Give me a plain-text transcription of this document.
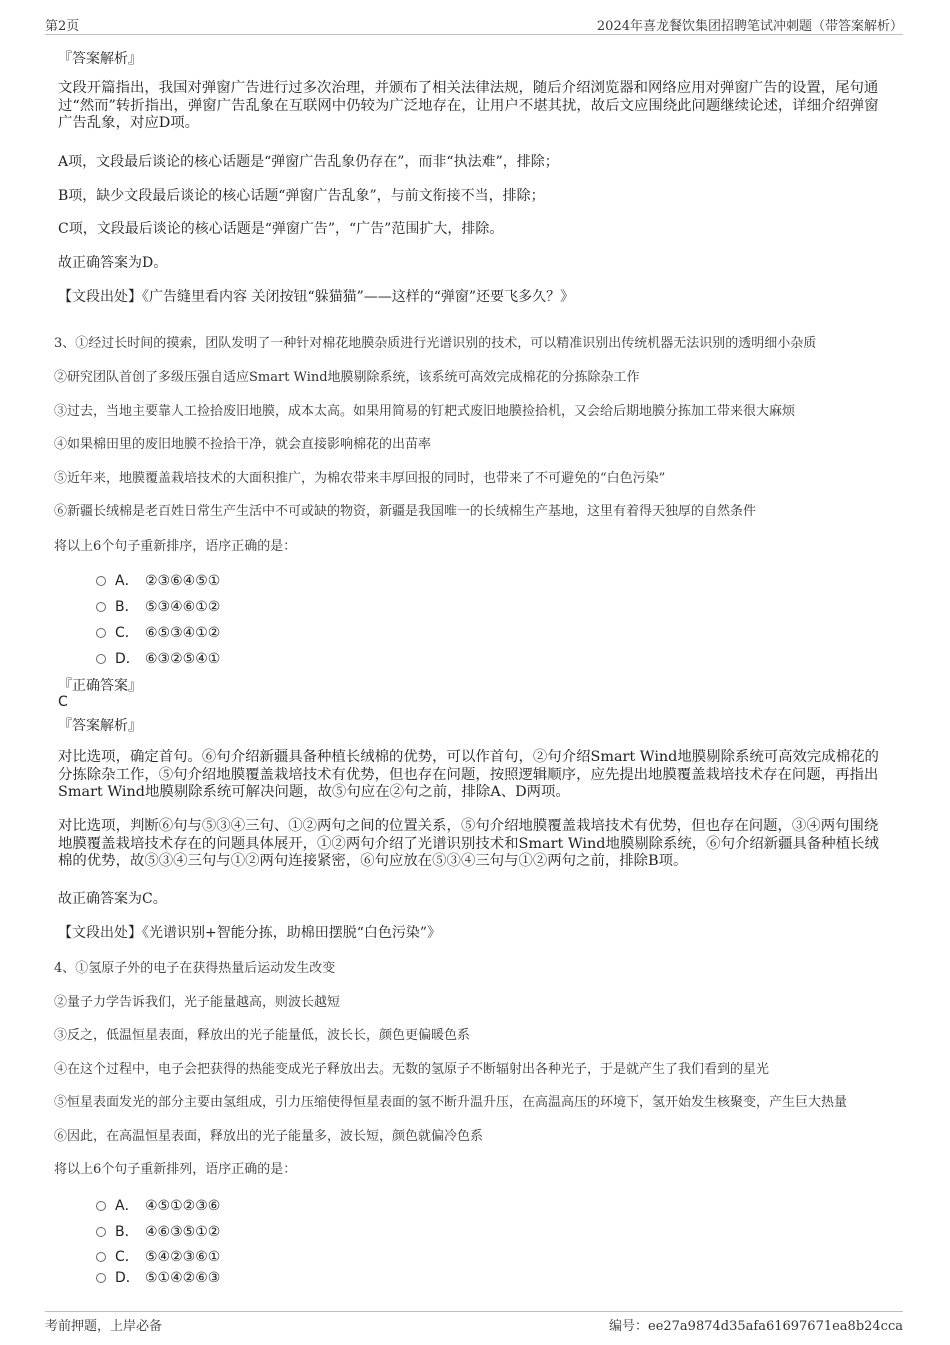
第2页	2024年喜龙餐饮集团招聘笔试冲刺题（带答案解析）
『答案解析』
文段开篇指出，我国对弹窗广告进行过多次治理，并颁布了相关法律法规，随后介绍浏览器和网络应用对弹窗广告的设置，尾句通过“然而”转折指出，弹窗广告乱象在互联网中仍较为广泛地存在，让用户不堪其扰，故后文应围绕此问题继续论述，详细介绍弹窗广告乱象，对应D项。
A项，文段最后谈论的核心话题是“弹窗广告乱象仍存在”，而非“执法难”，排除；
B项，缺少文段最后谈论的核心话题“弹窗广告乱象”，与前文衔接不当，排除；
C项，文段最后谈论的核心话题是“弹窗广告”，“广告”范围扩大，排除。
故正确答案为D。
【文段出处】《广告缝里看内容 关闭按钮“躲猫猫”——这样的“弹窗”还要飞多久？》
3、①经过长时间的摸索，团队发明了一种针对棉花地膜杂质进行光谱识别的技术，可以精准识别出传统机器无法识别的透明细小杂质
②研究团队首创了多级压强自适应Smart Wind地膜剔除系统，该系统可高效完成棉花的分拣除杂工作
③过去，当地主要靠人工捡拾废旧地膜，成本太高。如果用简易的钉耙式废旧地膜捡拾机，又会给后期地膜分拣加工带来很大麻烦
④如果棉田里的废旧地膜不捡拾干净，就会直接影响棉花的出苗率
⑤近年来，地膜覆盖栽培技术的大面积推广，为棉农带来丰厚回报的同时，也带来了不可避免的“白色污染”
⑥新疆长绒棉是老百姓日常生产生活中不可或缺的物资，新疆是我国唯一的长绒棉生产基地，这里有着得天独厚的自然条件
将以上6个句子重新排序，语序正确的是：
A． ②③⑥④⑤①
B． ⑤③④⑥①②
C． ⑥⑤③④①②
D． ⑥③②⑤④①
『正确答案』
C
『答案解析』
对比选项，确定首句。⑥句介绍新疆具备种植长绒棉的优势，可以作首句，②句介绍Smart Wind地膜剔除系统可高效完成棉花的分拣除杂工作，⑤句介绍地膜覆盖栽培技术有优势，但也存在问题，按照逻辑顺序，应先提出地膜覆盖栽培技术存在问题，再指出Smart Wind地膜剔除系统可解决问题，故⑤句应在②句之前，排除A、D两项。
对比选项，判断⑥句与⑤③④三句、①②两句之间的位置关系，⑤句介绍地膜覆盖栽培技术有优势，但也存在问题，③④两句围绕地膜覆盖栽培技术存在的问题具体展开，①②两句介绍了光谱识别技术和Smart Wind地膜剔除系统，⑥句介绍新疆具备种植长绒棉的优势，故⑤③④三句与①②两句连接紧密，⑥句应放在⑤③④三句与①②两句之前，排除B项。
故正确答案为C。
【文段出处】《光谱识别+智能分拣，助棉田摆脱“白色污染”》
4、①氢原子外的电子在获得热量后运动发生改变
②量子力学告诉我们，光子能量越高，则波长越短
③反之，低温恒星表面，释放出的光子能量低，波长长，颜色更偏暖色系
④在这个过程中，电子会把获得的热能变成光子释放出去。无数的氢原子不断辐射出各种光子，于是就产生了我们看到的星光
⑤恒星表面发光的部分主要由氢组成，引力压缩使得恒星表面的氢不断升温升压，在高温高压的环境下，氢开始发生核聚变，产生巨大热量
⑥因此，在高温恒星表面，释放出的光子能量多，波长短，颜色就偏冷色系
将以上6个句子重新排列，语序正确的是：
A． ④⑤①②③⑥
B． ④⑥③⑤①②
C． ⑤④②③⑥①
D． ⑤①④②⑥③
考前押题，上岸必备	编号：ee27a9874d35afa61697671ea8b24cca
